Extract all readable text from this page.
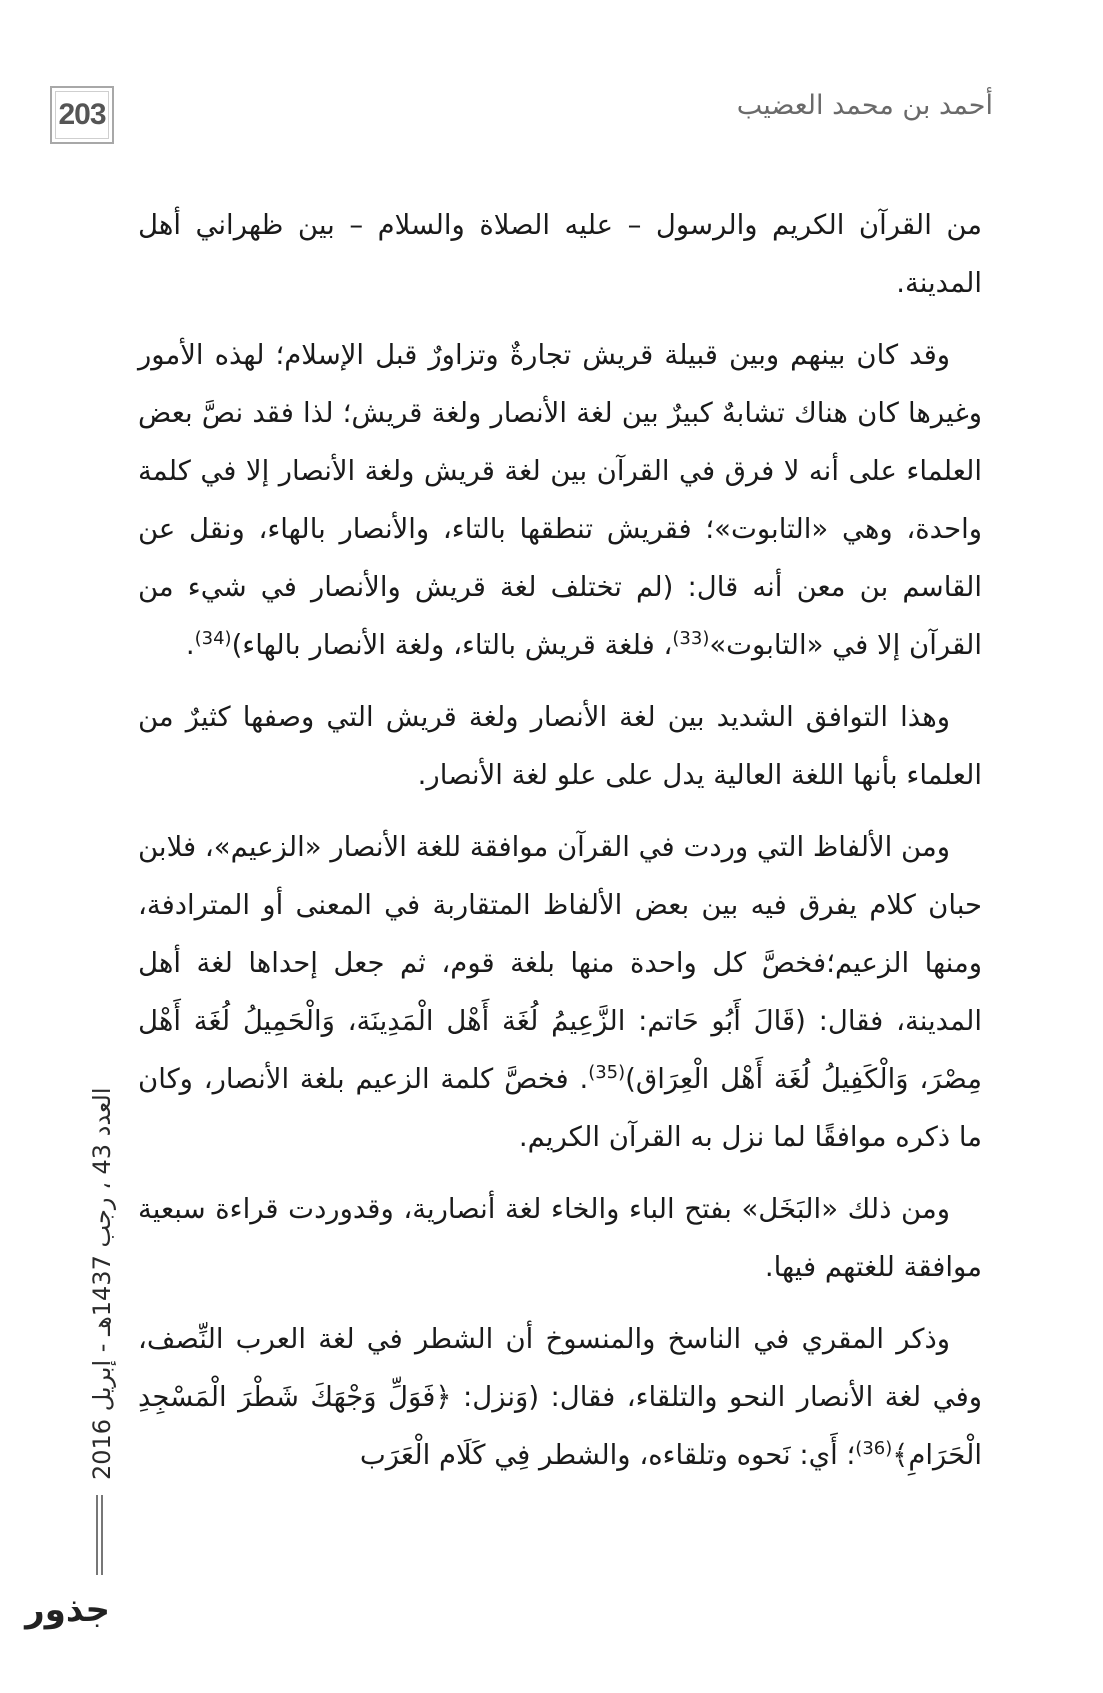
203	أحمد بن محمد العضيب

من القرآن الكريم والرسول – عليه الصلاة والسلام – بين ظهراني أهل المدينة.

وقد كان بينهم وبين قبيلة قريش تجارةٌ وتزاورٌ قبل الإسلام؛ لهذه الأمور وغيرها كان هناك تشابهٌ كبيرٌ بين لغة الأنصار ولغة قريش؛ لذا فقد نصَّ بعض العلماء على أنه لا فرق في القرآن بين لغة قريش ولغة الأنصار إلا في كلمة واحدة، وهي «التابوت»؛ فقريش تنطقها بالتاء، والأنصار بالهاء، ونقل عن القاسم بن معن أنه قال: (لم تختلف لغة قريش والأنصار في شيء من القرآن إلا في «التابوت»$^{(33)}$، فلغة قريش بالتاء، ولغة الأنصار بالهاء)$^{(34)}$.

وهذا التوافق الشديد بين لغة الأنصار ولغة قريش التي وصفها كثيرٌ من العلماء بأنها اللغة العالية يدل على علو لغة الأنصار.

ومن الألفاظ التي وردت في القرآن موافقة للغة الأنصار «الزعيم»، فلابن حبان كلام يفرق فيه بين بعض الألفاظ المتقاربة في المعنى أو المترادفة، ومنها الزعيم؛فخصَّ كل واحدة منها بلغة قوم، ثم جعل إحداها لغة أهل المدينة، فقال: (قَالَ أَبُو حَاتم: الزَّعِيمُ لُغَة أَهْل الْمَدِينَة، وَالْحَمِيلُ لُغَة أَهْل مِصْرَ، وَالْكَفِيلُ لُغَة أَهْل الْعِرَاق)$^{(35)}$. فخصَّ كلمة الزعيم بلغة الأنصار، وكان ما ذكره موافقًا لما نزل به القرآن الكريم.

ومن ذلك «البَخَل» بفتح الباء والخاء لغة أنصارية، وقدوردت قراءة سبعية موافقة للغتهم فيها.

وذكر المقري في الناسخ والمنسوخ أن الشطر في لغة العرب النِّصف، وفي لغة الأنصار النحو والتلقاء، فقال: (وَنزل: ﴿فَوَلِّ وَجْهَكَ شَطْرَ الْمَسْجِدِ الْحَرَامِ﴾$^{(36)}$؛ أَي: نَحوه وتلقاءه، والشطر فِي كَلَام الْعَرَب

العدد 43 ، رجب 1437هـ - إبريل 2016
جذور
